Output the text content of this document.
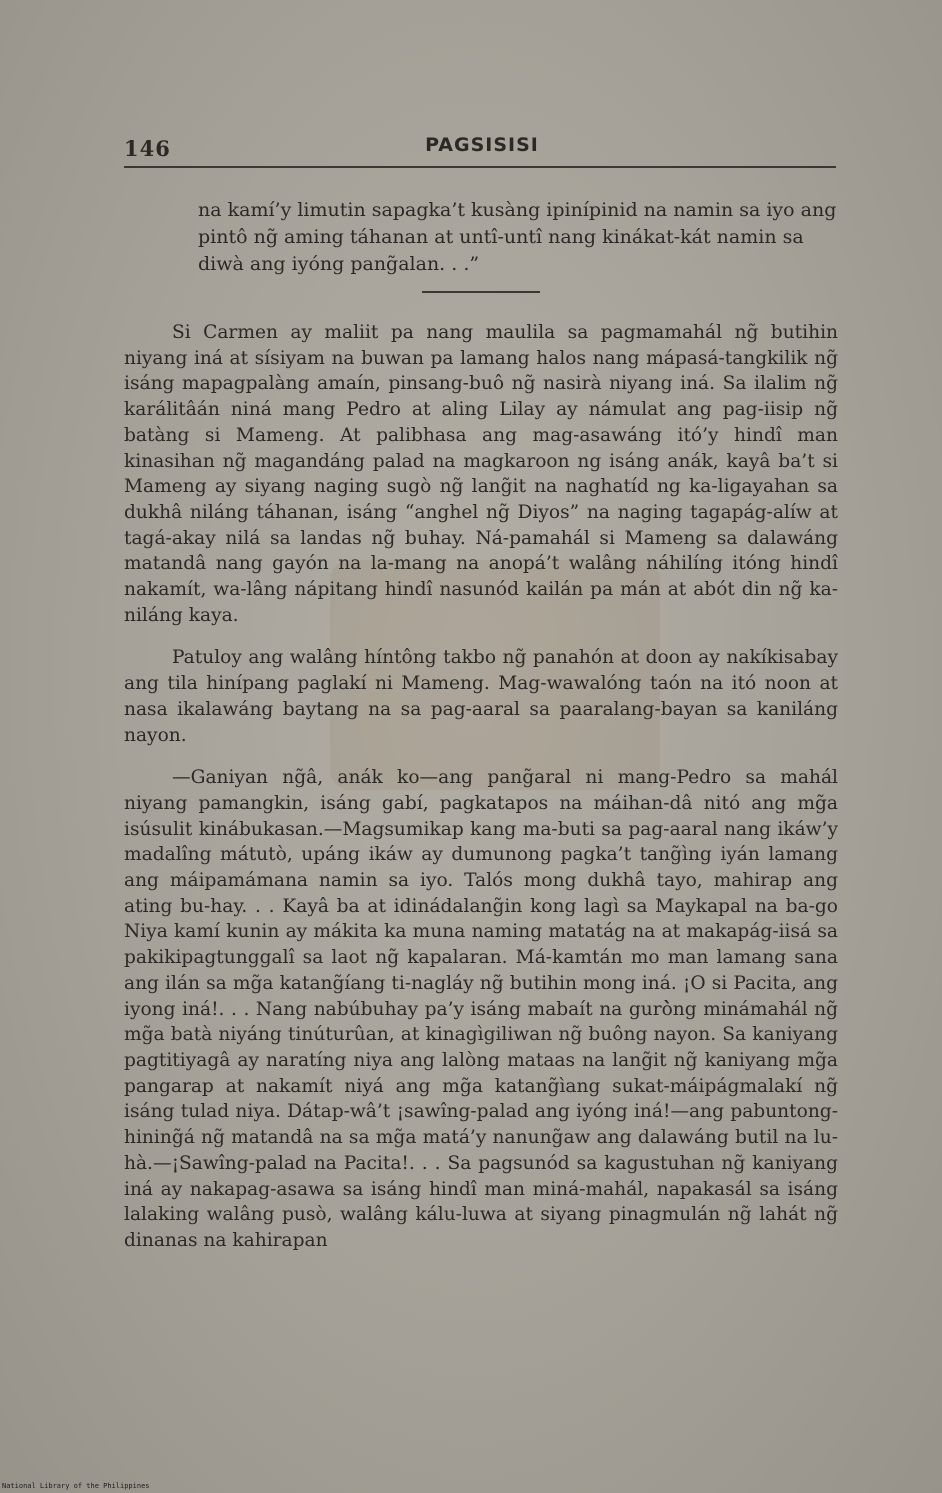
146	PAGSISISI

na kamí’y limutin sapagka’t kusàng ipinípinid na namin sa iyo ang pintô ng̃ aming táhanan at untî-untî nang kinákat-kát namin sa diwà ang iyóng pang̃alan. . .”

Si Carmen ay maliit pa nang maulila sa pagmamahál ng̃ butihin niyang iná at sísiyam na buwan pa lamang halos nang mápasá-tangkilik ng̃ isáng mapagpalàng amaín, pinsang-buô ng̃ nasirà niyang iná. Sa ilalim ng̃ karálitâán niná mang Pedro at aling Lilay ay námulat ang pag-iisip ng̃ batàng si Mameng. At palibhasa ang mag-asawáng itó’y hindî man kinasihan ng̃ magandáng palad na magkaroon ng isáng anák, kayâ ba’t si Mameng ay siyang naging sugò ng̃ lang̃it na naghatíd ng ka-ligayahan sa dukhâ niláng táhanan, isáng “anghel ng̃ Diyos” na naging tagapág-alíw at tagá-akay nilá sa landas ng̃ buhay. Ná-pamahál si Mameng sa dalawáng matandâ nang gayón na la-mang na anopá’t walâng náhilíng itóng hindî nakamít, wa-lâng nápitang hindî nasunód kailán pa mán at abót din ng̃ ka-niláng kaya.

Patuloy ang walâng híntông takbo ng̃ panahón at doon ay nakíkisabay ang tila hinípang paglakí ni Mameng. Mag-wawalóng taón na itó noon at nasa ikalawáng baytang na sa pag-aaral sa paaralang-bayan sa kaniláng nayon.

—Ganiyan ng̃â, anák ko—ang pang̃aral ni mang-Pedro sa mahál niyang pamangkin, isáng gabí, pagkatapos na máihan-dâ nitó ang mg̃a isúsulit kinábukasan.—Magsumikap kang ma-buti sa pag-aaral nang ikáw’y madalîng mátutò, upáng ikáw ay dumunong pagka’t tang̃ìng iyán lamang ang máipamámana namin sa iyo. Talós mong dukhâ tayo, mahirap ang ating bu-hay. . . Kayâ ba at idinádalang̃in kong lagì sa Maykapal na ba-go Niya kamí kunin ay mákita ka muna naming matatág na at makapág-iisá sa pakikipagtunggalî sa laot ng̃ kapalaran. Má-kamtán mo man lamang sana ang ilán sa mg̃a katang̃íang ti-nagláy ng̃ butihin mong iná. ¡O si Pacita, ang iyong iná!. . . Nang nabúbuhay pa’y isáng mabaít na gurò̀ng minámahál ng̃ mg̃a batà niyáng tinúturûan, at kinagìgiliwan ng̃ buông nayon. Sa kaniyang pagtitiyagâ ay naratíng niya ang lalòng mataas na lang̃it ng̃ kaniyang mg̃a pangarap at nakamít niyá ang mg̃a katang̃ìang sukat-máipágmalakí ng̃ isáng tulad niya. Dátap-wâ’t ¡sawîng-palad ang iyóng iná!—ang pabuntong-hining̃á ng̃ matandâ na sa mg̃a matá’y nanung̃aw ang dalawáng butil na lu-hà.—¡Sawîng-palad na Pacita!. . . Sa pagsunód sa kagustuhan ng̃ kaniyang iná ay nakapag-asawa sa isáng hindî man miná-mahál, napakasál sa isáng lalaking walâng pusò, walâng kálu-luwa at siyang pinagmulán ng̃ lahát ng̃ dinanas na kahirapan

National Library of the Philippines
